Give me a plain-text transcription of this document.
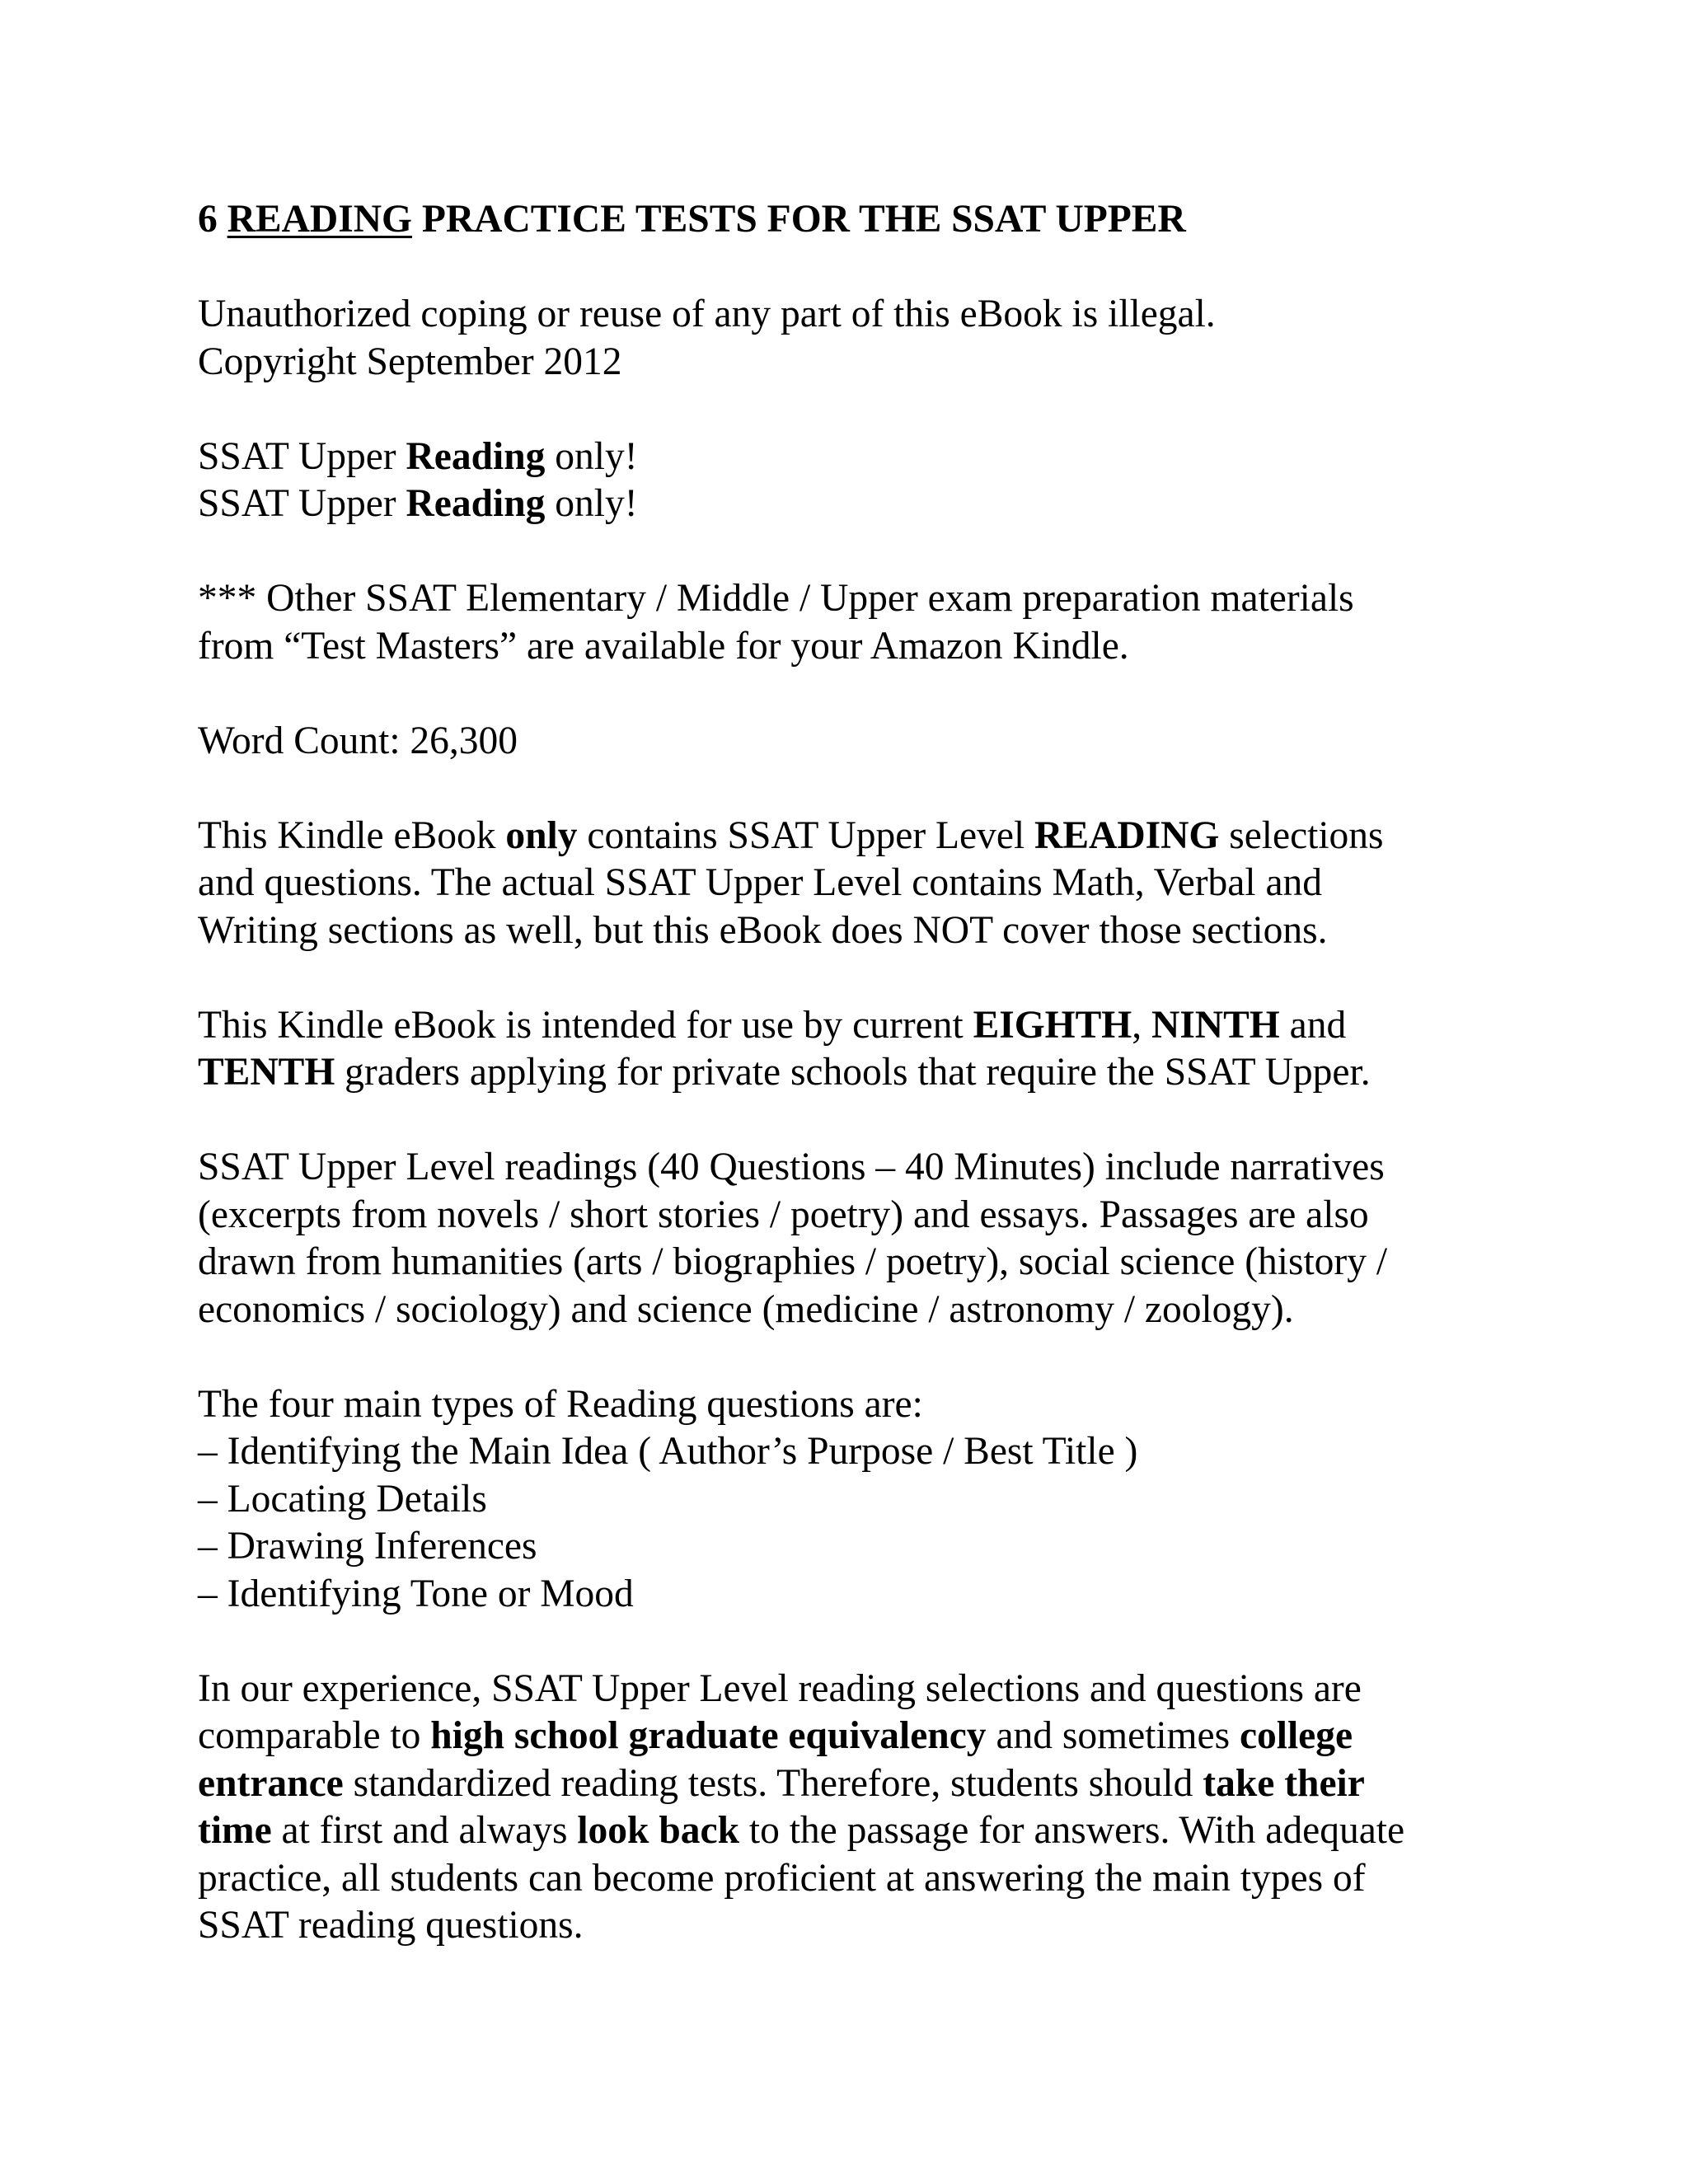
6 READING PRACTICE TESTS FOR THE SSAT UPPER
Unauthorized coping or reuse of any part of this eBook is illegal.
Copyright September 2012
SSAT Upper Reading only!
SSAT Upper Reading only!
*** Other SSAT Elementary / Middle / Upper exam preparation materials
from “Test Masters” are available for your Amazon Kindle.
Word Count: 26,300
This Kindle eBook only contains SSAT Upper Level READING selections
and questions. The actual SSAT Upper Level contains Math, Verbal and
Writing sections as well, but this eBook does NOT cover those sections.
This Kindle eBook is intended for use by current EIGHTH, NINTH and
TENTH graders applying for private schools that require the SSAT Upper.
SSAT Upper Level readings (40 Questions – 40 Minutes) include narratives
(excerpts from novels / short stories / poetry) and essays. Passages are also
drawn from humanities (arts / biographies / poetry), social science (history /
economics / sociology) and science (medicine / astronomy / zoology).
The four main types of Reading questions are:
– Identifying the Main Idea ( Author’s Purpose / Best Title )
– Locating Details
– Drawing Inferences
– Identifying Tone or Mood
In our experience, SSAT Upper Level reading selections and questions are
comparable to high school graduate equivalency and sometimes college
entrance standardized reading tests. Therefore, students should take their
time at first and always look back to the passage for answers. With adequate
practice, all students can become proficient at answering the main types of
SSAT reading questions.
